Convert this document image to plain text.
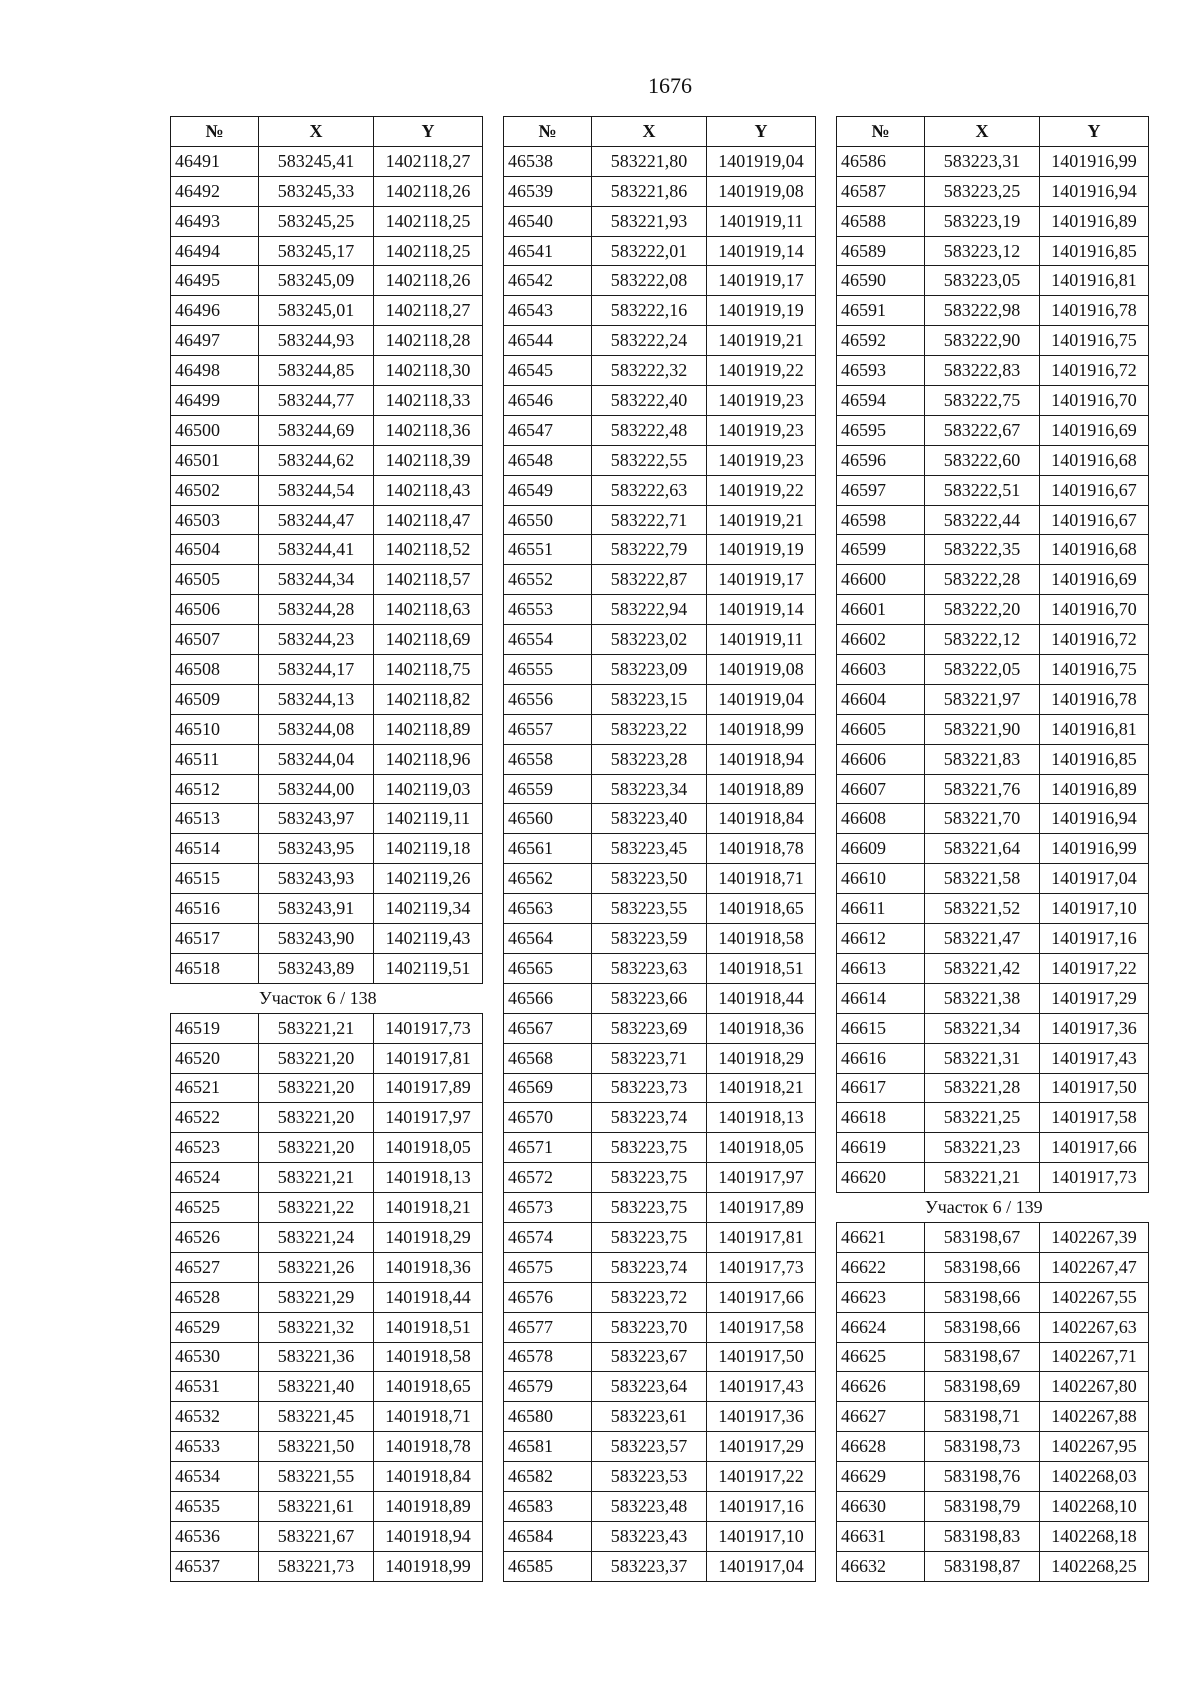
1676
№	X	Y
46491	583245,41	1402118,27
46492	583245,33	1402118,26
46493	583245,25	1402118,25
46494	583245,17	1402118,25
46495	583245,09	1402118,26
46496	583245,01	1402118,27
46497	583244,93	1402118,28
46498	583244,85	1402118,30
46499	583244,77	1402118,33
46500	583244,69	1402118,36
46501	583244,62	1402118,39
46502	583244,54	1402118,43
46503	583244,47	1402118,47
46504	583244,41	1402118,52
46505	583244,34	1402118,57
46506	583244,28	1402118,63
46507	583244,23	1402118,69
46508	583244,17	1402118,75
46509	583244,13	1402118,82
46510	583244,08	1402118,89
46511	583244,04	1402118,96
46512	583244,00	1402119,03
46513	583243,97	1402119,11
46514	583243,95	1402119,18
46515	583243,93	1402119,26
46516	583243,91	1402119,34
46517	583243,90	1402119,43
46518	583243,89	1402119,51
Участок 6 / 138		
46519	583221,21	1401917,73
46520	583221,20	1401917,81
46521	583221,20	1401917,89
46522	583221,20	1401917,97
46523	583221,20	1401918,05
46524	583221,21	1401918,13
46525	583221,22	1401918,21
46526	583221,24	1401918,29
46527	583221,26	1401918,36
46528	583221,29	1401918,44
46529	583221,32	1401918,51
46530	583221,36	1401918,58
46531	583221,40	1401918,65
46532	583221,45	1401918,71
46533	583221,50	1401918,78
46534	583221,55	1401918,84
46535	583221,61	1401918,89
46536	583221,67	1401918,94
46537	583221,73	1401918,99
№	X	Y
46538	583221,80	1401919,04
46539	583221,86	1401919,08
46540	583221,93	1401919,11
46541	583222,01	1401919,14
46542	583222,08	1401919,17
46543	583222,16	1401919,19
46544	583222,24	1401919,21
46545	583222,32	1401919,22
46546	583222,40	1401919,23
46547	583222,48	1401919,23
46548	583222,55	1401919,23
46549	583222,63	1401919,22
46550	583222,71	1401919,21
46551	583222,79	1401919,19
46552	583222,87	1401919,17
46553	583222,94	1401919,14
46554	583223,02	1401919,11
46555	583223,09	1401919,08
46556	583223,15	1401919,04
46557	583223,22	1401918,99
46558	583223,28	1401918,94
46559	583223,34	1401918,89
46560	583223,40	1401918,84
46561	583223,45	1401918,78
46562	583223,50	1401918,71
46563	583223,55	1401918,65
46564	583223,59	1401918,58
46565	583223,63	1401918,51
46566	583223,66	1401918,44
46567	583223,69	1401918,36
46568	583223,71	1401918,29
46569	583223,73	1401918,21
46570	583223,74	1401918,13
46571	583223,75	1401918,05
46572	583223,75	1401917,97
46573	583223,75	1401917,89
46574	583223,75	1401917,81
46575	583223,74	1401917,73
46576	583223,72	1401917,66
46577	583223,70	1401917,58
46578	583223,67	1401917,50
46579	583223,64	1401917,43
46580	583223,61	1401917,36
46581	583223,57	1401917,29
46582	583223,53	1401917,22
46583	583223,48	1401917,16
46584	583223,43	1401917,10
46585	583223,37	1401917,04
№	X	Y
46586	583223,31	1401916,99
46587	583223,25	1401916,94
46588	583223,19	1401916,89
46589	583223,12	1401916,85
46590	583223,05	1401916,81
46591	583222,98	1401916,78
46592	583222,90	1401916,75
46593	583222,83	1401916,72
46594	583222,75	1401916,70
46595	583222,67	1401916,69
46596	583222,60	1401916,68
46597	583222,51	1401916,67
46598	583222,44	1401916,67
46599	583222,35	1401916,68
46600	583222,28	1401916,69
46601	583222,20	1401916,70
46602	583222,12	1401916,72
46603	583222,05	1401916,75
46604	583221,97	1401916,78
46605	583221,90	1401916,81
46606	583221,83	1401916,85
46607	583221,76	1401916,89
46608	583221,70	1401916,94
46609	583221,64	1401916,99
46610	583221,58	1401917,04
46611	583221,52	1401917,10
46612	583221,47	1401917,16
46613	583221,42	1401917,22
46614	583221,38	1401917,29
46615	583221,34	1401917,36
46616	583221,31	1401917,43
46617	583221,28	1401917,50
46618	583221,25	1401917,58
46619	583221,23	1401917,66
46620	583221,21	1401917,73
Участок 6 / 139		
46621	583198,67	1402267,39
46622	583198,66	1402267,47
46623	583198,66	1402267,55
46624	583198,66	1402267,63
46625	583198,67	1402267,71
46626	583198,69	1402267,80
46627	583198,71	1402267,88
46628	583198,73	1402267,95
46629	583198,76	1402268,03
46630	583198,79	1402268,10
46631	583198,83	1402268,18
46632	583198,87	1402268,25
